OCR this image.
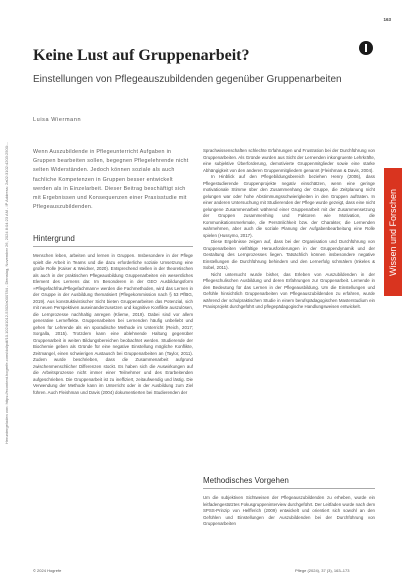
Heruntergeladen von: https://econtent.hogrefe.com/doi/pdf/10.1024/1012-5302/a000784 - Dienstag, November 26, 2024 8:04:23 AM - IP Address: 2a02:3102:4203:2500:...
163
Keine Lust auf Gruppenarbeit?
Einstellungen von Pflegeauszubildenden gegenüber Gruppenarbeiten
Luisa Wiermann
Wissen und Forschen

Wenn Auszubildende in Pflegeunterricht Aufgaben in Gruppen bearbeiten sollen, begegnen Pflegelehrende nicht selten Widerständen. Jedoch können soziale als auch fachliche Kompetenzen in Gruppen besser entwickelt werden als in Einzelarbeit. Dieser Beitrag beschäftigt sich mit Ergebnissen und Konsequenzen einer Praxisstudie mit Pflegeauszubildenden.

Hintergrund

Menschen leben, arbeiten und lernen in Gruppen. Insbesondere in der Pflege spielt die Arbeit in Teams und die dazu erforderliche soziale Umsetzung eine große Rolle (Kaiser & Weidner, 2020). Entsprechend stellen in der theoretischen als auch in der praktischen Pflegeausbildung Gruppenarbeiten ein wesentliches Element des Lernens dar. Im Besonderen in der GEO Ausbildungsform »Pflegefachfrau/Pflegefachmann« werden die Fachmethoden, wird das Lernen in der Gruppe in der Ausbildung thematisiert (Pflegekommission nach § 53 PflBG, 2019). Aus konstruktivistischer Sicht bieten Gruppenarbeiten das Potenzial, sich mit neuen Perspektiven auseinanderzusetzen und kognitive Konflikte auszulösen, die Lernprozesse nachhaltig anregen (Klieme, 2019). Dabei sind vor allem generative Lerneffekte. Gruppenarbeiten bei Lernenden häufig unbeliebt und gehen für Lehrende als ein sporadische Methode im Unterricht (Reich, 2017; Sorgalla, 2015). Trotzdem kann eine ablehnende Haltung gegenüber Gruppenarbeit in weiten Bildungsbereichen beobachtet werden. Studierende der Biochemie geben als Gründe für eine negative Einstellung mögliche Konflikte, Zeitmangel, einen schwierigen Austausch bei Gruppenarbeiten an (Taylor, 2011). Zudem wurde beschrieben, dass die Zusammenarbeit aufgrund zwischenmenschlicher Differenzen stockt. Es haben sich die Auswirkungen auf die Arbeitsprozesse nicht immer einer Teilnehmer und des Erarbeitenden aufgeschrieben. Die Gruppenarbeit ist zu ineffiziert, zeitaufwendig und lästig. Die Verwendung der Methode kann im Unterricht oder in der Ausbildung zum Ziel führen. Auch Fleishman und Davis (2004) dokumentierten bei Studierenden der

Sprachwissenschaften schlechte Erfahrungen und Frustration bei der Durchführung von Gruppenarbeiten. Als Gründe wurden aus Sicht der Lernenden inkongruente Lehrkräfte, eine subjektive Überforderung, demotivierte Gruppenmitglieder sowie eine starke Abhängigkeit von den anderen Gruppenmitgliedern genannt (Fleishman & Davis, 2004).

In Hinblick auf den Pflegebildungsbereich beziehen Henry (2006), dass Pflegestudierende Gruppenprojekte negativ einschätzen, wenn eine geringe motivationale Stimme über den Zusammenhang der Gruppe, die Zeitplanung nicht gelungen war oder hohe Abstimmungsschwierigkeiten in den Gruppen auftraten. In einer anderen Untersuchung mit Studierenden der Pflege wurde gezeigt, dass eine nicht gelungene Zusammenarbeit während einer Gruppenarbeit mit der Zusammensetzung der Gruppen zusammenhing und Faktoren wie Motivation, die Kommunikationsmerkmale, die Persönlichkeit bzw. der Charakter, die Lernenden wahrnehmen, aber auch die soziale Planung der Aufgabenbearbeitung eine Rolle spielen (Hussymo, 2017).

Diese Ergebnisse zeigen auf, dass bei der Organisation und Durchführung von Gruppenarbeiten vielfältige Herausforderungen in der Gruppendynamik und der Gestaltung des Lernprozesses liegen. Tatsächlich können insbesondere negative Einstellungen die Durchführung behindern und den Lernerfolg schmälern (Inkeles & Sobel, 2011).

Nicht untersucht wurde bisher, das Erleben von Auszubildenden in der Pflegeschulischen Ausbildung und deren Erfahrungen zur Gruppenarbeit. Lernende in den Bedeutung für das Lernen in der Pflegeausbildung. Um die Einstellungen und Gefühle hinsichtlich Gruppenarbeiten von Pflegeauszubildenden zu erfahren, wurde während der schulpraktischen Studie in einem berufspädagogischen Masterstudium ein Praxisprojekt durchgeführt und pflegepädagogische Handlungsweisen entwickelt.

Methodisches Vorgehen

Um die subjektiven Sichtweisen der Pflegeauszubildenden zu erheben, wurde ein leitfadengestütztes Fokusgruppeninterview durchgeführt. Der Leitfaden wurde nach dem SPSS-Prinzip von Helfferich (2009) entwickelt und orientiert sich sowohl an den Gefühlen und Einstellungen der Auszubildenden bei der Durchführung von Gruppenarbeiten

© 2024 Hogrefe	Pflege (2024), 37 (3), 163–173
